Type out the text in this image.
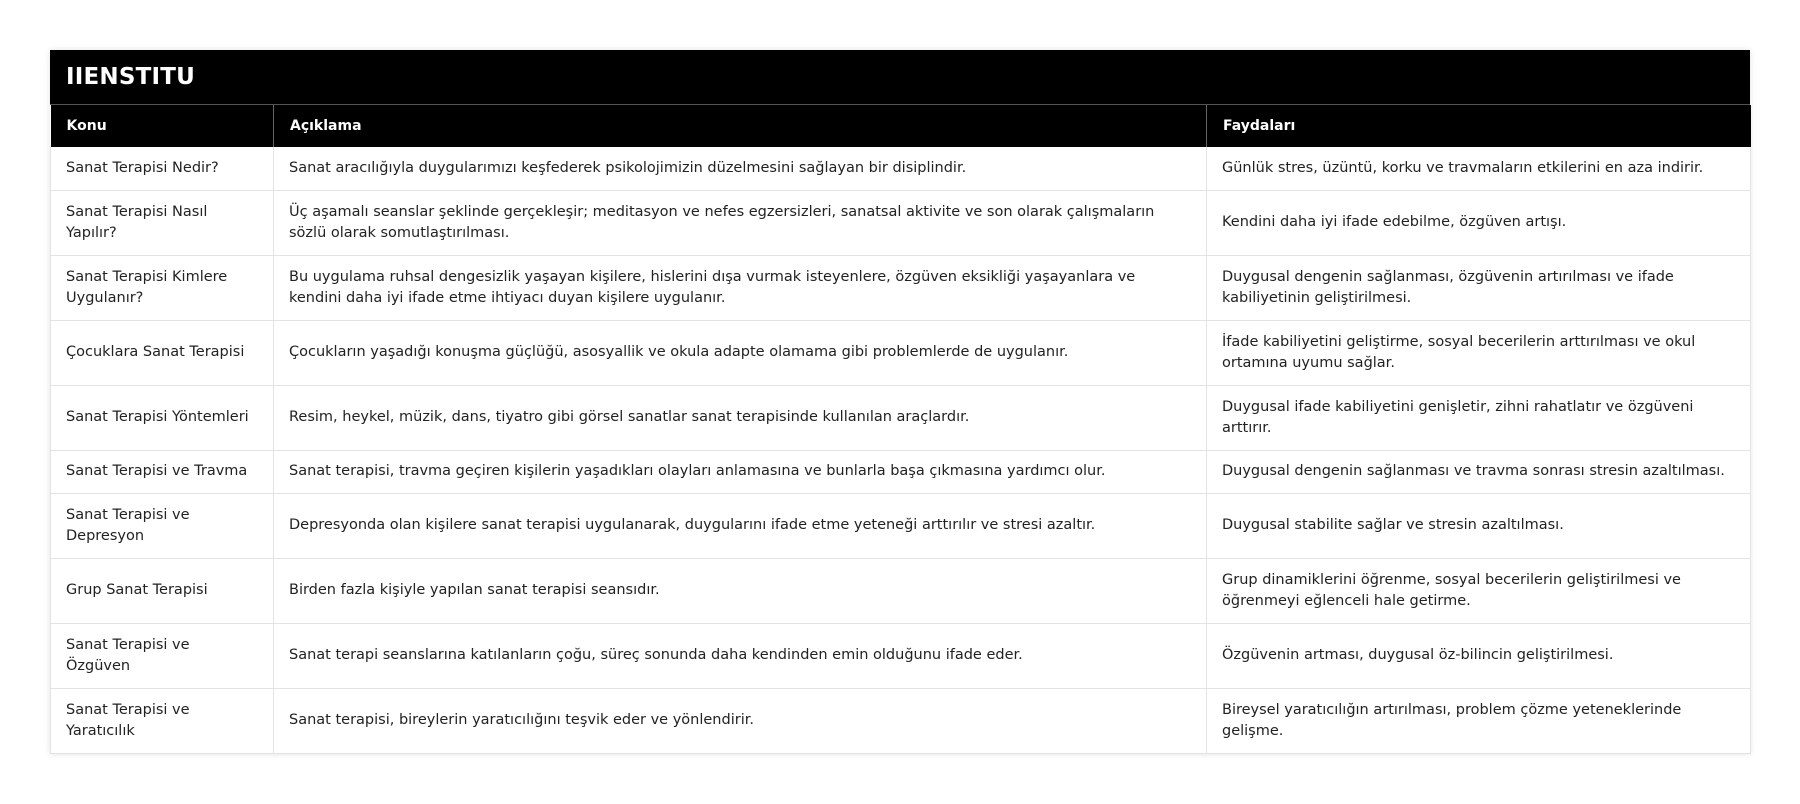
IIENSTITU
Konu	Açıklama	Faydaları
Sanat Terapisi Nedir?	Sanat aracılığıyla duygularımızı keşfederek psikolojimizin düzelmesini sağlayan bir disiplindir.	Günlük stres, üzüntü, korku ve travmaların etkilerini en aza indirir.
Sanat Terapisi Nasıl Yapılır?	Üç aşamalı seanslar şeklinde gerçekleşir; meditasyon ve nefes egzersizleri, sanatsal aktivite ve son olarak çalışmaların sözlü olarak somutlaştırılması.	Kendini daha iyi ifade edebilme, özgüven artışı.
Sanat Terapisi Kimlere Uygulanır?	Bu uygulama ruhsal dengesizlik yaşayan kişilere, hislerini dışa vurmak isteyenlere, özgüven eksikliği yaşayanlara ve kendini daha iyi ifade etme ihtiyacı duyan kişilere uygulanır.	Duygusal dengenin sağlanması, özgüvenin artırılması ve ifade kabiliyetinin geliştirilmesi.
Çocuklara Sanat Terapisi	Çocukların yaşadığı konuşma güçlüğü, asosyallik ve okula adapte olamama gibi problemlerde de uygulanır.	İfade kabiliyetini geliştirme, sosyal becerilerin arttırılması ve okul ortamına uyumu sağlar.
Sanat Terapisi Yöntemleri	Resim, heykel, müzik, dans, tiyatro gibi görsel sanatlar sanat terapisinde kullanılan araçlardır.	Duygusal ifade kabiliyetini genişletir, zihni rahatlatır ve özgüveni arttırır.
Sanat Terapisi ve Travma	Sanat terapisi, travma geçiren kişilerin yaşadıkları olayları anlamasına ve bunlarla başa çıkmasına yardımcı olur.	Duygusal dengenin sağlanması ve travma sonrası stresin azaltılması.
Sanat Terapisi ve Depresyon	Depresyonda olan kişilere sanat terapisi uygulanarak, duygularını ifade etme yeteneği arttırılır ve stresi azaltır.	Duygusal stabilite sağlar ve stresin azaltılması.
Grup Sanat Terapisi	Birden fazla kişiyle yapılan sanat terapisi seansıdır.	Grup dinamiklerini öğrenme, sosyal becerilerin geliştirilmesi ve öğrenmeyi eğlenceli hale getirme.
Sanat Terapisi ve Özgüven	Sanat terapi seanslarına katılanların çoğu, süreç sonunda daha kendinden emin olduğunu ifade eder.	Özgüvenin artması, duygusal öz-bilincin geliştirilmesi.
Sanat Terapisi ve Yaratıcılık	Sanat terapisi, bireylerin yaratıcılığını teşvik eder ve yönlendirir.	Bireysel yaratıcılığın artırılması, problem çözme yeteneklerinde gelişme.
